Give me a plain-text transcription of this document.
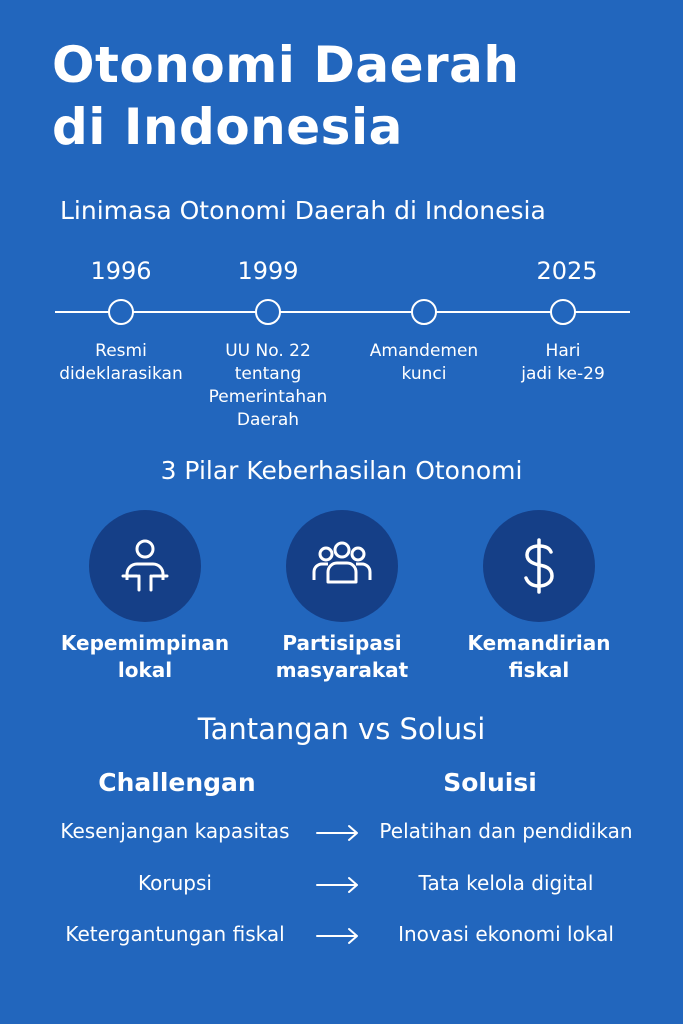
Otonomi Daerah
di Indonesia
Linimasa Otonomi Daerah di Indonesia
1996	1999	2025
Resmi
dideklarasikan
UU No. 22
tentang
Pemerintahan
Daerah
Amandemen
kunci
Hari
jadi ke-29
3 Pilar Keberhasilan Otonomi
Kepemimpinan
lokal
Partisipasi
masyarakat
Kemandirian
fiskal
Tantangan vs Solusi
Challengan	Soluisi
Kesenjangan kapasitas	Pelatihan dan pendidikan
Korupsi	Tata kelola digital
Ketergantungan fiskal	Inovasi ekonomi lokal
